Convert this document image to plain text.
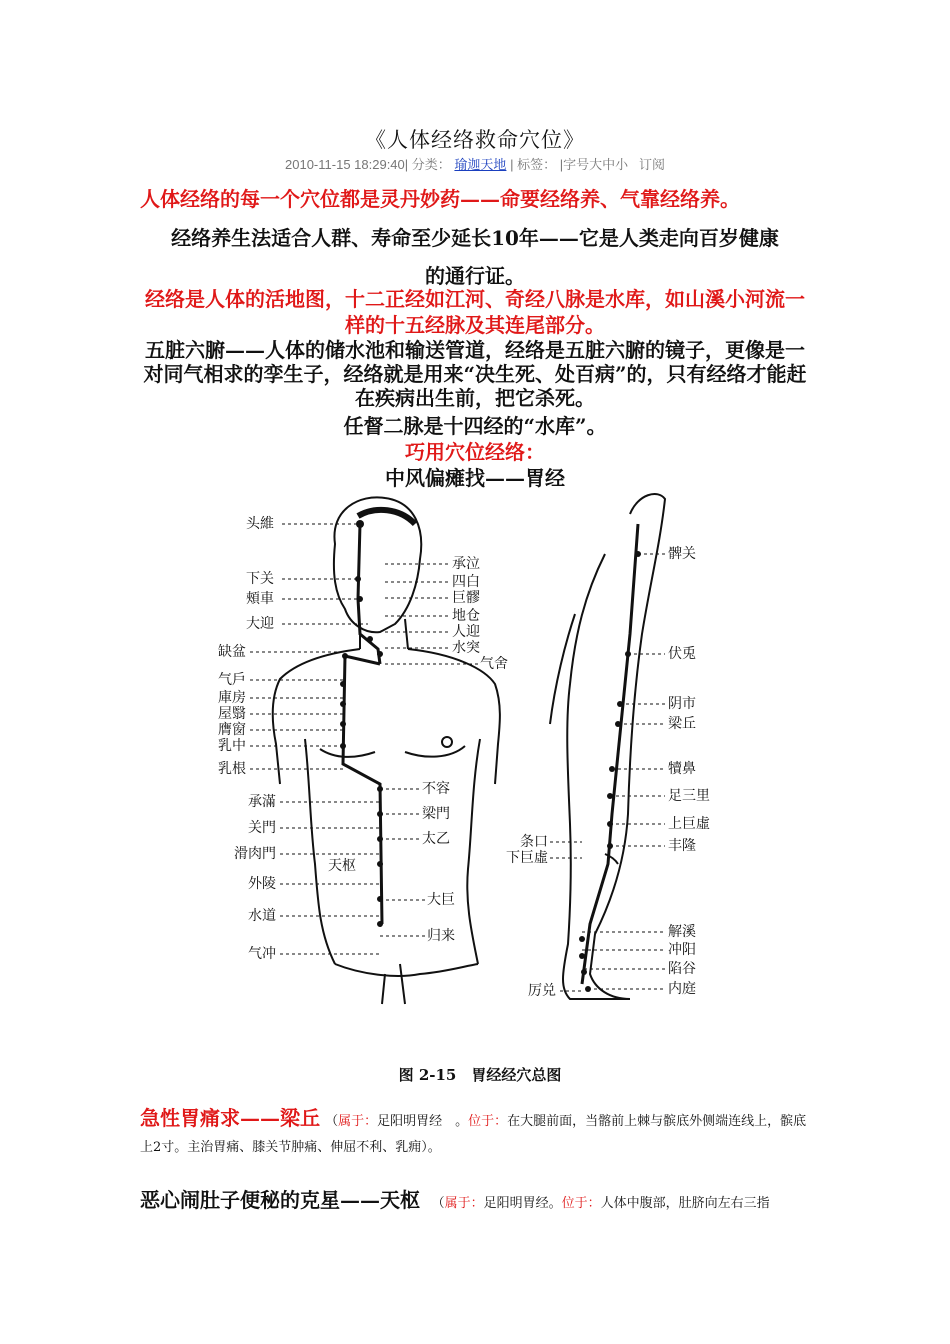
《人体经络救命穴位》
2010-11-15 18:29:40| 分类： 瑜迦天地 | 标签： |字号大中小 订阅
人体经络的每一个穴位都是灵丹妙药——命要经络养、气靠经络养。
经络养生法适合人群、寿命至少延长10年——它是人类走向百岁健康
的通行证。
经络是人体的活地图，十二正经如江河、奇经八脉是水库，如山溪小河流一样的十五经脉及其连尾部分。
五脏六腑——人体的储水池和输送管道，经络是五脏六腑的镜子，更像是一对同气相求的孪生子，经络就是用来“决生死、处百病”的，只有经络才能赶在疾病出生前，把它杀死。
任督二脉是十四经的“水库”。
巧用穴位经络：
中风偏瘫找——胃经
头維
下关
頰車
大迎
缺盆
气戶
庫房
屋翳
膺窗
乳中
乳根
承滿
关門
滑肉門
外陵
水道
气冲
承泣
四白
巨髎
地仓
人迎
水突
气舍
不容
梁門
太乙
大巨
归来
天枢
髀关
伏兎
阴市
梁丘
犢鼻
足三里
上巨虛
丰隆
解溪
冲阳
陷谷
内庭
条口
下巨虛
厉兑
图 2-15　胃经经穴总图
急性胃痛求——梁丘 （属于：足阳明胃经　。位于：在大腿前面，当髂前上棘与髌底外侧端连线上，髌底上2寸。主治胃痛、膝关节肿痛、伸屈不利、乳痈）。
恶心闹肚子便秘的克星——天枢 　（属于：足阳明胃经。位于：人体中腹部，肚脐向左右三指
